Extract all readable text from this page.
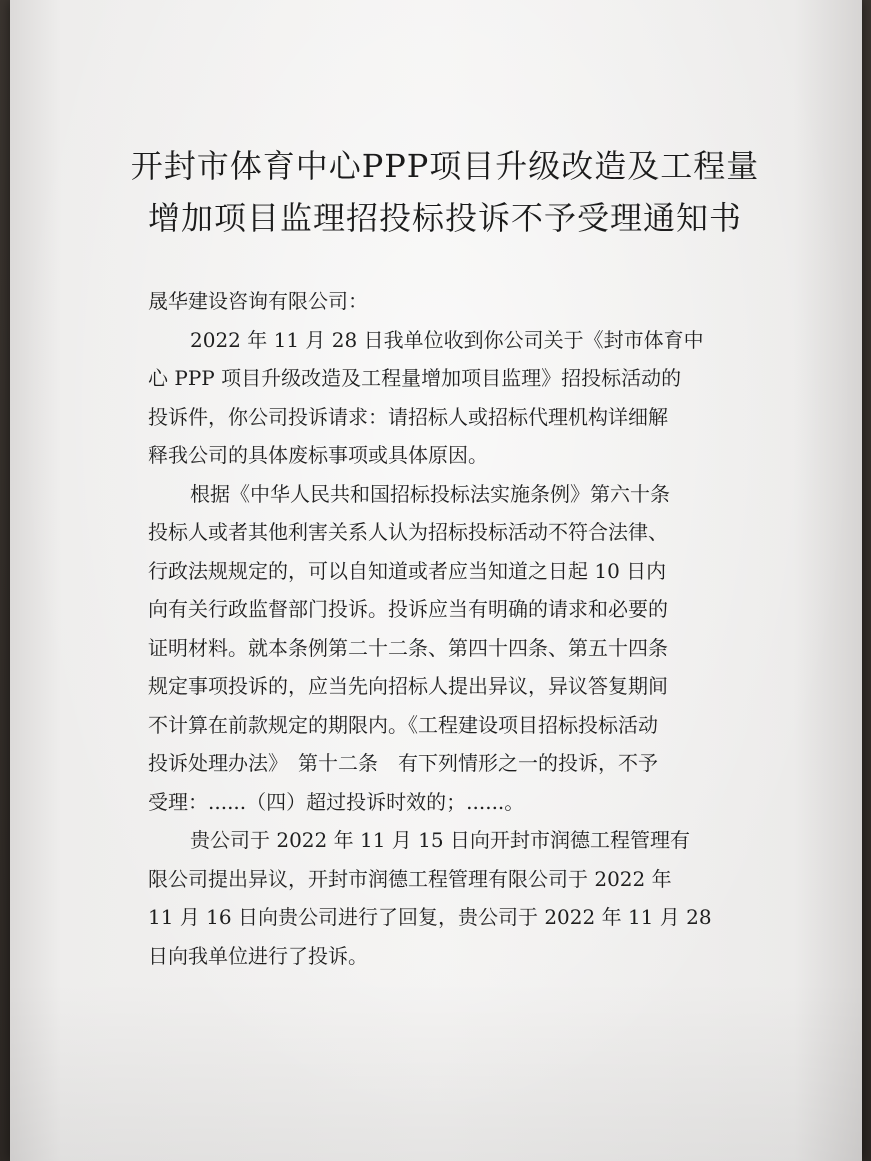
开封市体育中心PPP项目升级改造及工程量
增加项目监理招投标投诉不予受理通知书
晟华建设咨询有限公司：
2022 年 11 月 28 日我单位收到你公司关于《封市体育中
心 PPP 项目升级改造及工程量增加项目监理》招投标活动的
投诉件，你公司投诉请求：请招标人或招标代理机构详细解
释我公司的具体废标事项或具体原因。
根据《中华人民共和国招标投标法实施条例》第六十条
投标人或者其他利害关系人认为招标投标活动不符合法律、
行政法规规定的，可以自知道或者应当知道之日起 10 日内
向有关行政监督部门投诉。投诉应当有明确的请求和必要的
证明材料。就本条例第二十二条、第四十四条、第五十四条
规定事项投诉的，应当先向招标人提出异议，异议答复期间
不计算在前款规定的期限内。《工程建设项目招标投标活动
投诉处理办法》　第十二条　有下列情形之一的投诉，不予
受理：......（四）超过投诉时效的；......。
贵公司于 2022 年 11 月 15 日向开封市润德工程管理有
限公司提出异议，开封市润德工程管理有限公司于 2022 年
11 月 16 日向贵公司进行了回复，贵公司于 2022 年 11 月 28
日向我单位进行了投诉。
